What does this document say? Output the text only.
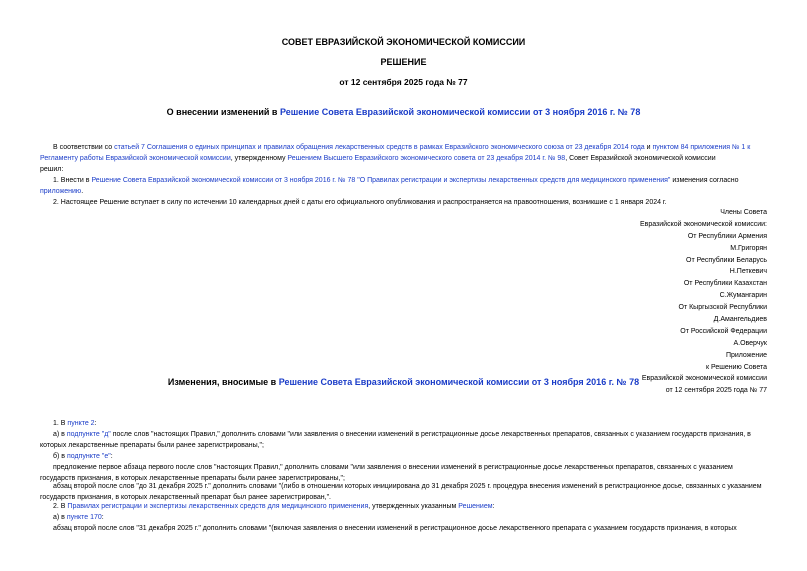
СОВЕТ ЕВРАЗИЙСКОЙ ЭКОНОМИЧЕСКОЙ КОМИССИИ
РЕШЕНИЕ
от 12 сентября 2025 года № 77
О внесении изменений в Решение Совета Евразийской экономической комиссии от 3 ноября 2016 г. № 78
В соответствии со статьей 7 Соглашения о единых принципах и правилах обращения лекарственных средств в рамках Евразийского экономического союза от 23 декабря 2014 года и пунктом 84 приложения № 1 к Регламенту работы Евразийской экономической комиссии, утвержденному Решением Высшего Евразийского экономического совета от 23 декабря 2014 г. № 98, Совет Евразийской экономической комиссии
решил:
1. Внести в Решение Совета Евразийской экономической комиссии от 3 ноября 2016 г. № 78 "О Правилах регистрации и экспертизы лекарственных средств для медицинского применения" изменения согласно приложению.
2. Настоящее Решение вступает в силу по истечении 10 календарных дней с даты его официального опубликования и распространяется на правоотношения, возникшие с 1 января 2024 г.
Члены Совета
Евразийской экономической комиссии:
От Республики Армения
М.Григорян
От Республики Беларусь
Н.Петкевич
От Республики Казахстан
С.Жумангарин
От Кыргызской Республики
Д.Амангельдиев
От Российской Федерации
А.Оверчук
Приложение
к Решению Совета
Евразийской экономической комиссии
от 12 сентября 2025 года № 77
Изменения, вносимые в Решение Совета Евразийской экономической комиссии от 3 ноября 2016 г. № 78
1. В пункте 2:
а) в подпункте "д" после слов "настоящих Правил," дополнить словами "или заявления о внесении изменений в регистрационные досье лекарственных препаратов, связанных с указанием государств признания, в которых лекарственные препараты были ранее зарегистрированы,";
б) в подпункте "е":
предложение первое абзаца первого после слов "настоящих Правил," дополнить словами "или заявления о внесении изменений в регистрационные досье лекарственных препаратов, связанных с указанием государств признания, в которых лекарственные препараты были ранее зарегистрированы,";
абзац второй после слов "до 31 декабря 2025 г." дополнить словами "(либо в отношении которых инициирована до 31 декабря 2025 г. процедура внесения изменений в регистрационное досье, связанных с указанием государств признания, в которых лекарственный препарат был ранее зарегистрирован,".
2. В Правилах регистрации и экспертизы лекарственных средств для медицинского применения, утвержденных указанным Решением:
а) в пункте 170:
абзац второй после слов "31 декабря 2025 г." дополнить словами "(включая заявления о внесении изменений в регистрационное досье лекарственного препарата с указанием государств признания, в которых
